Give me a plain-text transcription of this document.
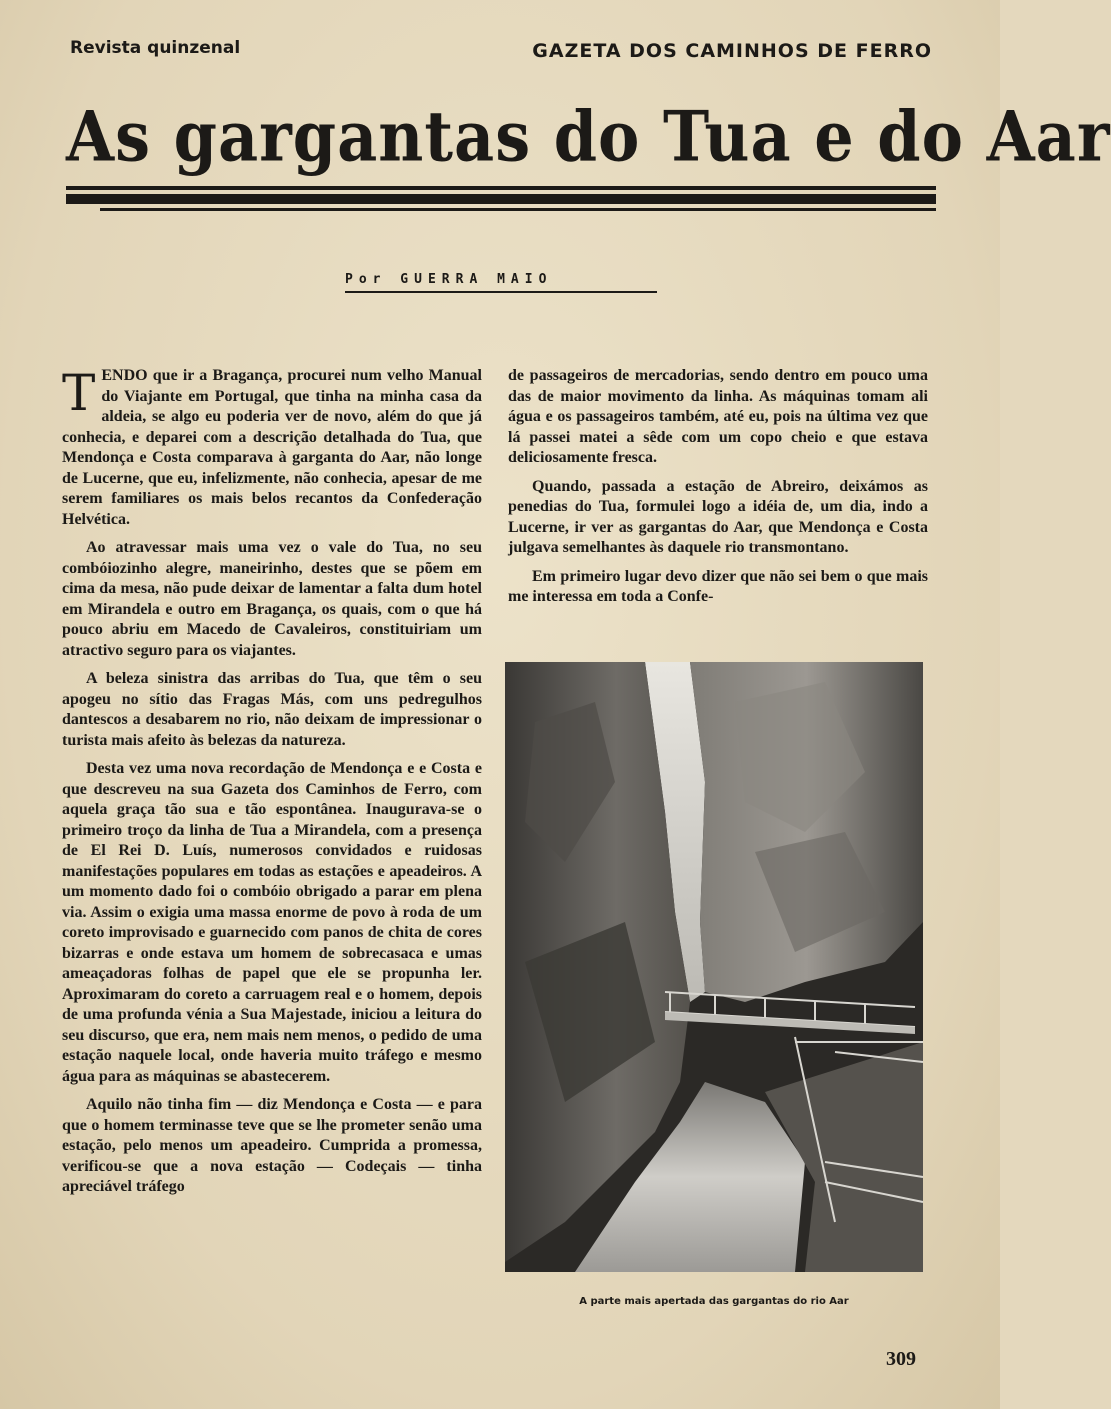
Revista quinzenal	GAZETA DOS CAMINHOS DE FERRO
As gargantas do Tua e do Aar
Por GUERRA MAIO

TENDO que ir a Bragança, procurei num velho Manual do Viajante em Portugal, que tinha na minha casa da aldeia, se algo eu poderia ver de novo, além do que já conhecia, e deparei com a descrição detalhada do Tua, que Mendonça e Costa comparava à garganta do Aar, não longe de Lucerne, que eu, infelizmente, não conhecia, apesar de me serem familiares os mais belos recantos da Confederação Helvética.

Ao atravessar mais uma vez o vale do Tua, no seu combóiozinho alegre, maneirinho, destes que se põem em cima da mesa, não pude deixar de lamentar a falta dum hotel em Mirandela e outro em Bragança, os quais, com o que há pouco abriu em Macedo de Cavaleiros, constituiriam um atractivo seguro para os viajantes.

A beleza sinistra das arribas do Tua, que têm o seu apogeu no sítio das Fragas Más, com uns pedregulhos dantescos a desabarem no rio, não deixam de impressionar o turista mais afeito às belezas da natureza.

Desta vez uma nova recordação de Mendonça e e Costa e que descreveu na sua Gazeta dos Caminhos de Ferro, com aquela graça tão sua e tão espontânea. Inaugurava-se o primeiro troço da linha de Tua a Mirandela, com a presença de El Rei D. Luís, numerosos convidados e ruidosas manifestações populares em todas as estações e apeadeiros. A um momento dado foi o combóio obrigado a parar em plena via. Assim o exigia uma massa enorme de povo à roda de um coreto improvisado e guarnecido com panos de chita de cores bizarras e onde estava um homem de sobrecasaca e umas ameaçadoras folhas de papel que ele se propunha ler. Aproximaram do coreto a carruagem real e o homem, depois de uma profunda vénia a Sua Majestade, iniciou a leitura do seu discurso, que era, nem mais nem menos, o pedido de uma estação naquele local, onde haveria muito tráfego e mesmo água para as máquinas se abastecerem.

Aquilo não tinha fim — diz Mendonça e Costa — e para que o homem terminasse teve que se lhe prometer senão uma estação, pelo menos um apeadeiro. Cumprida a promessa, verificou-se que a nova estação — Codeçais — tinha apreciável tráfego

de passageiros de mercadorias, sendo dentro em pouco uma das de maior movimento da linha. As máquinas tomam ali água e os passageiros também, até eu, pois na última vez que lá passei matei a sêde com um copo cheio e que estava deliciosamente fresca.

Quando, passada a estação de Abreiro, deixámos as penedias do Tua, formulei logo a idéia de, um dia, indo a Lucerne, ir ver as gargantas do Aar, que Mendonça e Costa julgava semelhantes às daquele rio transmontano.

Em primeiro lugar devo dizer que não sei bem o que mais me interessa em toda a Confe-

A parte mais apertada das gargantas do rio Aar
309
